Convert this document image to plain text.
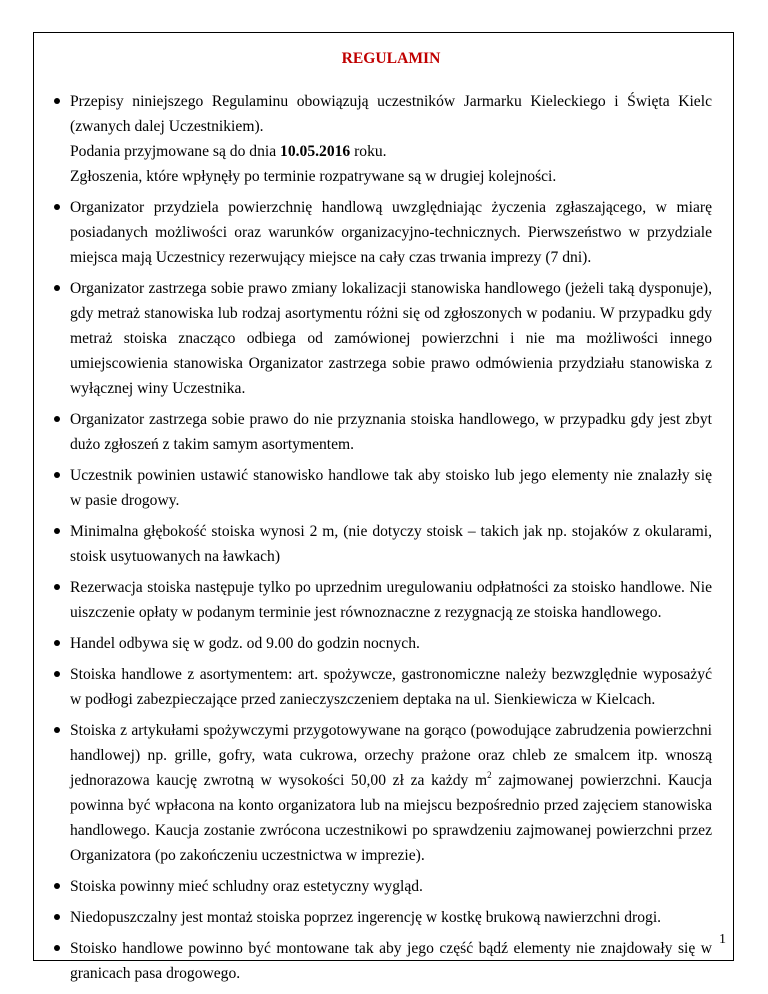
REGULAMIN

Przepisy niniejszego Regulaminu obowiązują uczestników Jarmarku Kieleckiego i Święta Kielc (zwanych dalej Uczestnikiem).

Podania przyjmowane są do dnia 10.05.2016 roku.

Zgłoszenia, które wpłynęły po terminie rozpatrywane są w drugiej kolejności.

Organizator przydziela powierzchnię handlową uwzględniając życzenia zgłaszającego, w miarę posiadanych możliwości oraz warunków organizacyjno-technicznych. Pierwszeństwo w przydziale miejsca mają Uczestnicy rezerwujący miejsce na cały czas trwania imprezy (7 dni).

Organizator zastrzega sobie prawo zmiany lokalizacji stanowiska handlowego (jeżeli taką dysponuje), gdy metraż stanowiska lub rodzaj asortymentu różni się od zgłoszonych w podaniu. W przypadku gdy metraż stoiska znacząco odbiega od zamówionej powierzchni i nie ma możliwości innego umiejscowienia stanowiska Organizator zastrzega sobie prawo odmówienia przydziału stanowiska z wyłącznej winy Uczestnika.

Organizator zastrzega sobie prawo do nie przyznania stoiska handlowego, w przypadku gdy jest zbyt dużo zgłoszeń z takim samym asortymentem.

Uczestnik powinien ustawić stanowisko handlowe tak aby stoisko lub jego elementy nie znalazły się w pasie drogowy.

Minimalna głębokość stoiska wynosi 2 m, (nie dotyczy stoisk – takich jak np. stojaków z okularami, stoisk usytuowanych na ławkach)

Rezerwacja stoiska następuje tylko po uprzednim uregulowaniu odpłatności za stoisko handlowe. Nie uiszczenie opłaty w podanym terminie jest równoznaczne z rezygnacją ze stoiska handlowego.

Handel odbywa się w godz. od 9.00 do godzin nocnych.

Stoiska handlowe z asortymentem: art. spożywcze, gastronomiczne należy bezwzględnie wyposażyć w podłogi zabezpieczające przed zanieczyszczeniem deptaka na ul. Sienkiewicza w Kielcach.

Stoiska z artykułami spożywczymi przygotowywane na gorąco (powodujące zabrudzenia powierzchni handlowej) np. grille, gofry, wata cukrowa, orzechy prażone oraz chleb ze smalcem itp. wnoszą jednorazowa kaucję zwrotną w wysokości 50,00 zł za każdy $m^2$ zajmowanej powierzchni. Kaucja powinna być wpłacona na konto organizatora lub na miejscu bezpośrednio przed zajęciem stanowiska handlowego. Kaucja zostanie zwrócona uczestnikowi po sprawdzeniu zajmowanej powierzchni przez Organizatora (po zakończeniu uczestnictwa w imprezie).

Stoiska powinny mieć schludny oraz estetyczny wygląd.

Niedopuszczalny jest montaż stoiska poprzez ingerencję w kostkę brukową nawierzchni drogi.

Stoisko handlowe powinno być montowane tak aby jego część bądź elementy nie znajdowały się w granicach pasa drogowego.

1
